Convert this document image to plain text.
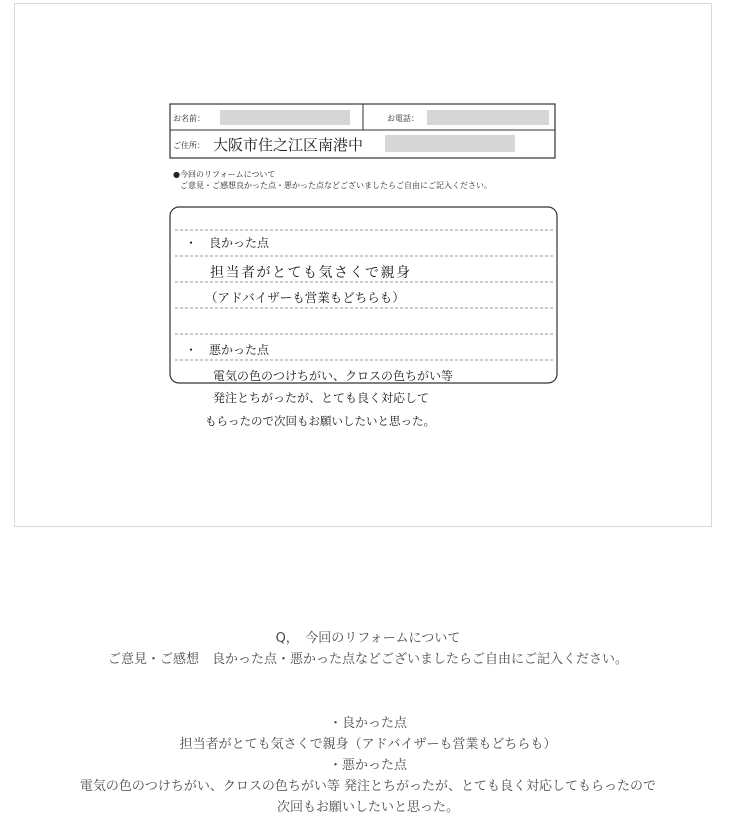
お名前：	お電話：
ご住所： 大阪市住之江区南港中
●今回のリフォームについて
ご意見・ご感想良かった点・悪かった点などございましたらご自由にご記入ください。
・　良かった点
担当者がとても気さくで親身
（アドバイザーも営業もどちらも）
・　悪かった点
電気の色のつけちがい、クロスの色ちがい等
発注とちがったが、とても良く対応して
もらったので次回もお願いしたいと思った。
Q，　今回のリフォームについて
ご意見・ご感想　良かった点・悪かった点などございましたらご自由にご記入ください。
・良かった点
担当者がとても気さくで親身（アドバイザーも営業もどちらも）
・悪かった点
電気の色のつけちがい、クロスの色ちがい等 発注とちがったが、とても良く対応してもらったので
次回もお願いしたいと思った。
